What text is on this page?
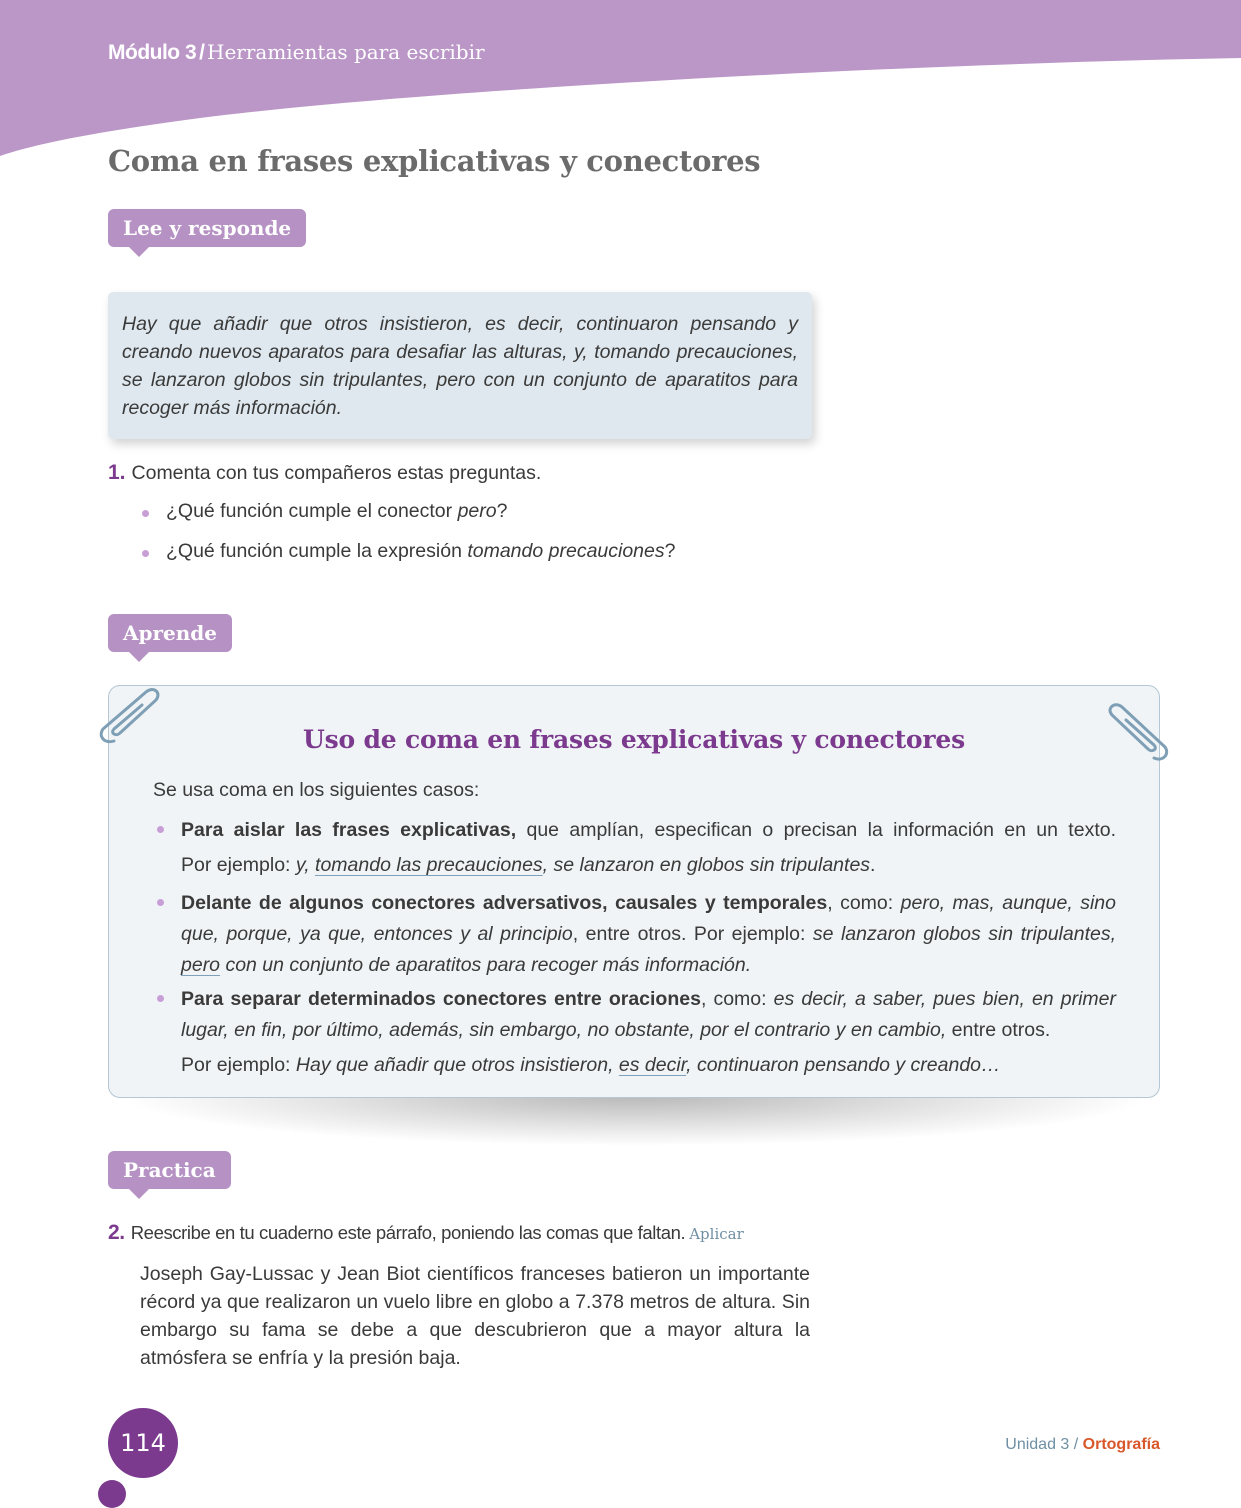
Módulo 3 / Herramientas para escribir
Coma en frases explicativas y conectores
Lee y responde

Hay que añadir que otros insistieron, es decir, continuaron pensando y creando nuevos aparatos para desafiar las alturas, y, tomando precauciones, se lanzaron globos sin tripulantes, pero con un conjunto de aparatitos para recoger más información.

1. Comenta con tus compañeros estas preguntas.
¿Qué función cumple el conector pero?
¿Qué función cumple la expresión tomando precauciones?
Aprende
Uso de coma en frases explicativas y conectores
Se usa coma en los siguientes casos:

Para aislar las frases explicativas, que amplían, especifican o precisan la información en un texto.

Por ejemplo: y, tomando las precauciones, se lanzaron en globos sin tripulantes.

Delante de algunos conectores adversativos, causales y temporales, como: pero, mas, aunque, sino que, porque, ya que, entonces y al principio, entre otros. Por ejemplo: se lanzaron globos sin tripulantes, pero con un conjunto de aparatitos para recoger más información.

Para separar determinados conectores entre oraciones, como: es decir, a saber, pues bien, en primer lugar, en fin, por último, además, sin embargo, no obstante, por el contrario y en cambio, entre otros.

Por ejemplo: Hay que añadir que otros insistieron, es decir, continuaron pensando y creando…

Practica
2. Reescribe en tu cuaderno este párrafo, poniendo las comas que faltan. Aplicar

Joseph Gay-Lussac y Jean Biot científicos franceses batieron un importante récord ya que realizaron un vuelo libre en globo a 7.378 metros de altura. Sin embargo su fama se debe a que descubrieron que a mayor altura la atmósfera se enfría y la presión baja.

114	Unidad 3 / Ortografía
